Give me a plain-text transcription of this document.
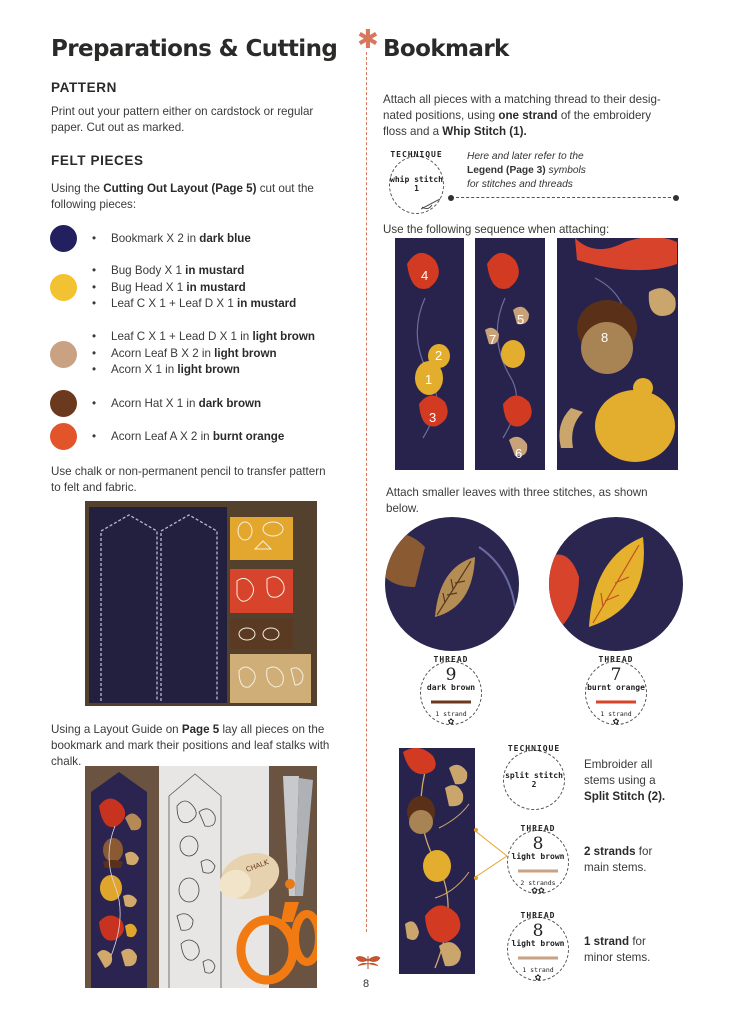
Preparations & Cutting
PATTERN
Print out your pattern either on cardstock or regular
paper. Cut out as marked.
FELT PIECES
Using the Cutting Out Layout (Page 5) cut out the
following pieces:
• Bookmark X 2 in dark blue
• Bug Body X 1 in mustard
• Bug Head X 1 in mustard
• Leaf C X 1 + Leaf D X 1 in mustard
• Leaf C X 1 + Lead D X 1 in light brown
• Acorn Leaf B X 2 in light brown
• Acorn X 1 in light brown
• Acorn Hat X 1 in dark brown
• Acorn Leaf A X 2 in burnt orange
Use chalk or non-permanent pencil to transfer pattern
to felt and fabric.
Using a Layout Guide on Page 5 lay all pieces on the
bookmark and mark their positions and leaf stalks with
chalk.
CHALK
✱ Bookmark
Attach all pieces with a matching thread to their desig-
nated positions, using one strand of the embroidery
floss and a Whip Stitch (1).
TECHNIQUE
whip stitch
1
Here and later refer to the
Legend (Page 3) symbols
for stitches and threads
Use the following sequence when attaching:
4
2
1
3
5
7
6
8
Attach smaller leaves with three stitches, as shown
below.
THREAD
9
dark brown
1 strand
✿
THREAD
7
burnt orange
1 strand
✿
TECHNIQUE
split stitch
2
Embroider all
stems using a
Split Stitch (2).
THREAD
8
light brown
2 strands
✿✿
2 strands for
main stems.
THREAD
8
light brown
1 strand
✿
1 strand for
minor stems.
8
